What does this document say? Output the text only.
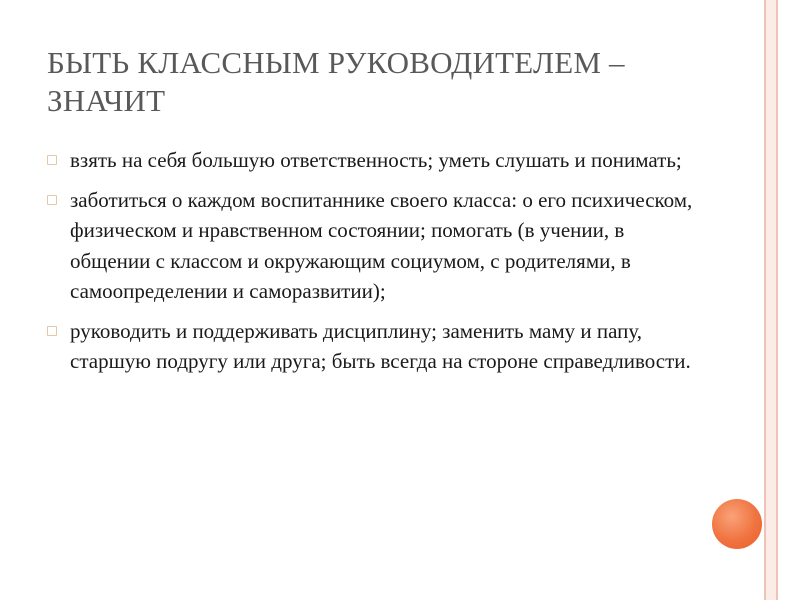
БЫТЬ КЛАССНЫМ РУКОВОДИТЕЛЕМ – ЗНАЧИТ
взять на себя большую ответственность; уметь слушать и понимать;
заботиться о каждом воспитаннике своего класса: о его психическом, физическом и нравственном состоянии; помогать (в учении, в общении с классом и окружающим социумом, с родителями, в самоопределении и саморазвитии);
руководить и поддерживать дисциплину; заменить маму и папу, старшую подругу или друга; быть всегда на стороне справедливости.
